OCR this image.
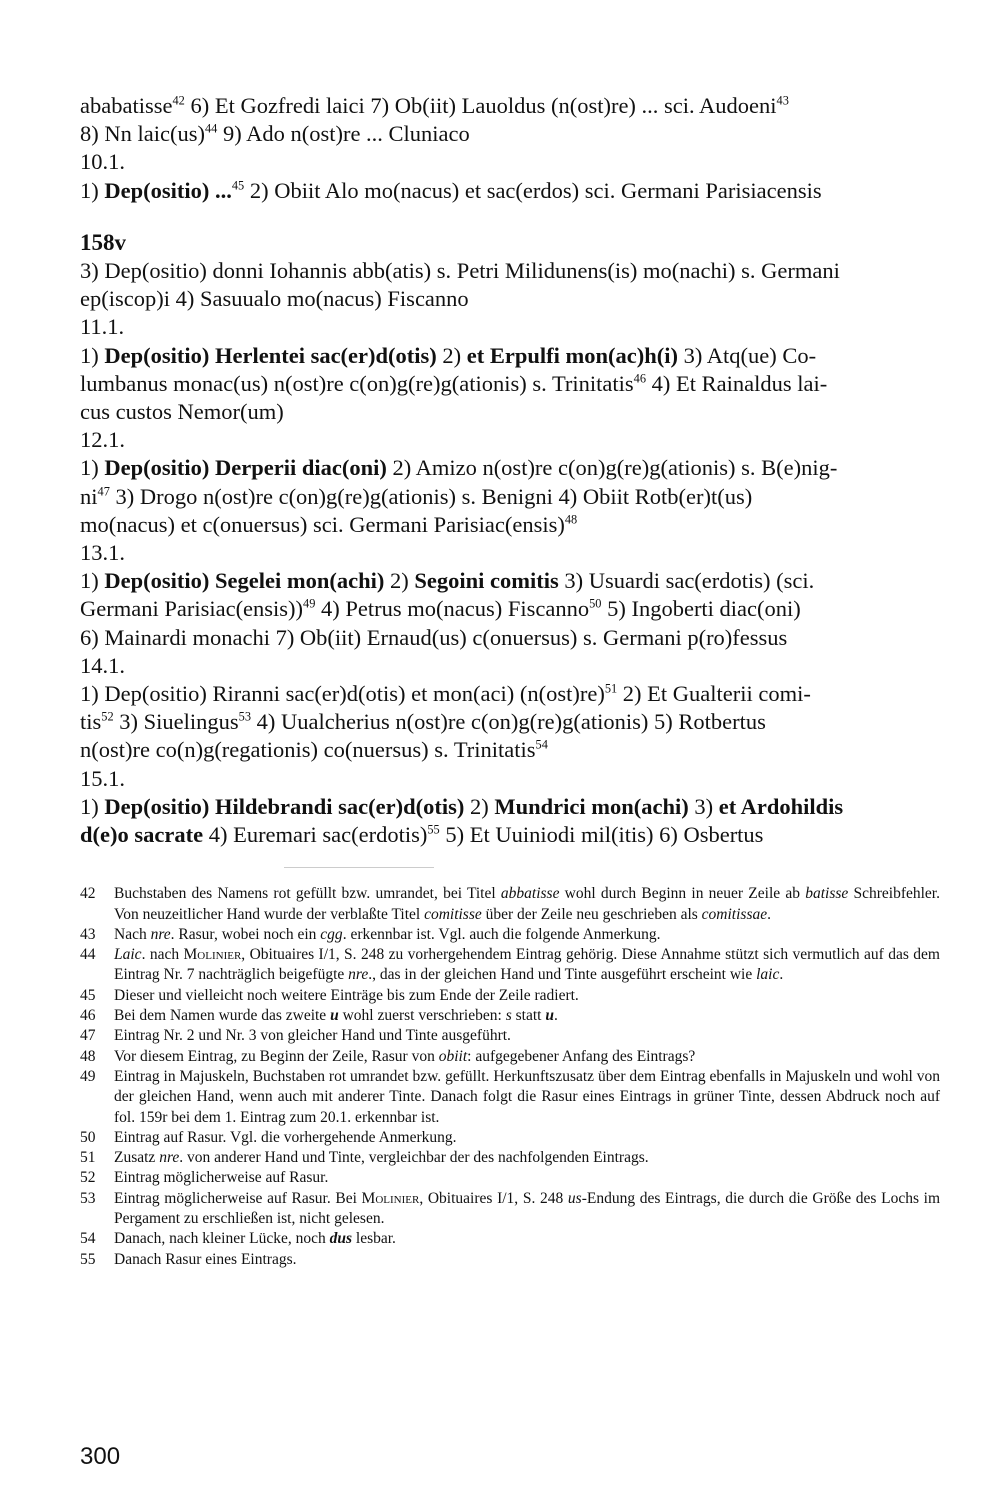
ababatisse$^{42}$ 6) Et Gozfredi laici 7) Ob(iit) Lauoldus (n(ost)re) ... sci. Audoeni$^{43}$
8) Nn laic(us)$^{44}$ 9) Ado n(ost)re ... Cluniaco
10.1.
1) Dep(ositio) ...$^{45}$ 2) Obiit Alo mo(nacus) et sac(erdos) sci. Germani Parisiacensis
158v
3) Dep(ositio) donni Iohannis abb(atis) s. Petri Milidunens(is) mo(nachi) s. Germani
ep(iscop)i 4) Sasuualo mo(nacus) Fiscanno
11.1.
1) Dep(ositio) Herlentei sac(er)d(otis) 2) et Erpulfi mon(ac)h(i) 3) Atq(ue) Co-
lumbanus monac(us) n(ost)re c(on)g(re)g(ationis) s. Trinitatis$^{46}$ 4) Et Rainaldus lai-
cus custos Nemor(um)
12.1.
1) Dep(ositio) Derperii diac(oni) 2) Amizo n(ost)re c(on)g(re)g(ationis) s. B(e)nig-
$ni^{47}$ 3) Drogo n(ost)re c(on)g(re)g(ationis) s. Benigni 4) Obiit Rotb(er)t(us)
mo(nacus) et c(onuersus) sci. Germani Parisiac(ensis)$^{48}$
13.1.
1) Dep(ositio) Segelei mon(achi) 2) Segoini comitis 3) Usuardi sac(erdotis) (sci.
Germani Parisiac(ensis))$^{49}$ 4) Petrus mo(nacus) Fiscanno$^{50}$ 5) Ingoberti diac(oni)
6) Mainardi monachi 7) Ob(iit) Ernaud(us) c(onuersus) s. Germani p(ro)fessus
14.1.
1) Dep(ositio) Riranni sac(er)d(otis) et mon(aci) $(n(ost)re)^{51}$ 2) Et Gualterii comi-
tis$^{52}$ 3) Siuelingus$^{53}$ 4) Uualcherius n(ost)re c(on)g(re)g(ationis) 5) Rotbertus
n(ost)re co(n)g(regationis) co(nuersus) s. Trinitatis$^{54}$
15.1.
1) Dep(ositio) Hildebrandi sac(er)d(otis) 2) Mundrici mon(achi) 3) et Ardohildis
d(e)o sacrate 4) Euremari sac(erdotis)$^{55}$ 5) Et Uuiniodi mil(itis) 6) Osbertus
42	Buchstaben des Namens rot gefüllt bzw. umrandet, bei Titel abbatisse wohl durch Beginn in neuer Zeile ab batisse Schreibfehler. Von neuzeitlicher Hand wurde der verblaßte Titel comitisse über der Zeile neu geschrieben als comitissae.
43	Nach nre. Rasur, wobei noch ein cgg. erkennbar ist. Vgl. auch die folgende Anmerkung.
44	Laic. nach Molinier, Obituaires I/1, S. 248 zu vorhergehendem Eintrag gehörig. Diese Annahme stützt sich vermutlich auf das dem Eintrag Nr. 7 nachträglich beigefügte nre., das in der gleichen Hand und Tinte ausgeführt erscheint wie laic.
45	Dieser und vielleicht noch weitere Einträge bis zum Ende der Zeile radiert.
46	Bei dem Namen wurde das zweite u wohl zuerst verschrieben: s statt u.
47	Eintrag Nr. 2 und Nr. 3 von gleicher Hand und Tinte ausgeführt.
48	Vor diesem Eintrag, zu Beginn der Zeile, Rasur von obiit: aufgegebener Anfang des Eintrags?
49	Eintrag in Majuskeln, Buchstaben rot umrandet bzw. gefüllt. Herkunftszusatz über dem Eintrag ebenfalls in Majuskeln und wohl von der gleichen Hand, wenn auch mit anderer Tinte. Danach folgt die Rasur eines Eintrags in grüner Tinte, dessen Abdruck noch auf fol. 159r bei dem 1. Eintrag zum 20.1. erkennbar ist.
50	Eintrag auf Rasur. Vgl. die vorhergehende Anmerkung.
51	Zusatz nre. von anderer Hand und Tinte, vergleichbar der des nachfolgenden Eintrags.
52	Eintrag möglicherweise auf Rasur.
53	Eintrag möglicherweise auf Rasur. Bei Molinier, Obituaires I/1, S. 248 us-Endung des Eintrags, die durch die Größe des Lochs im Pergament zu erschließen ist, nicht gelesen.
54	Danach, nach kleiner Lücke, noch dus lesbar.
55	Danach Rasur eines Eintrags.
300
